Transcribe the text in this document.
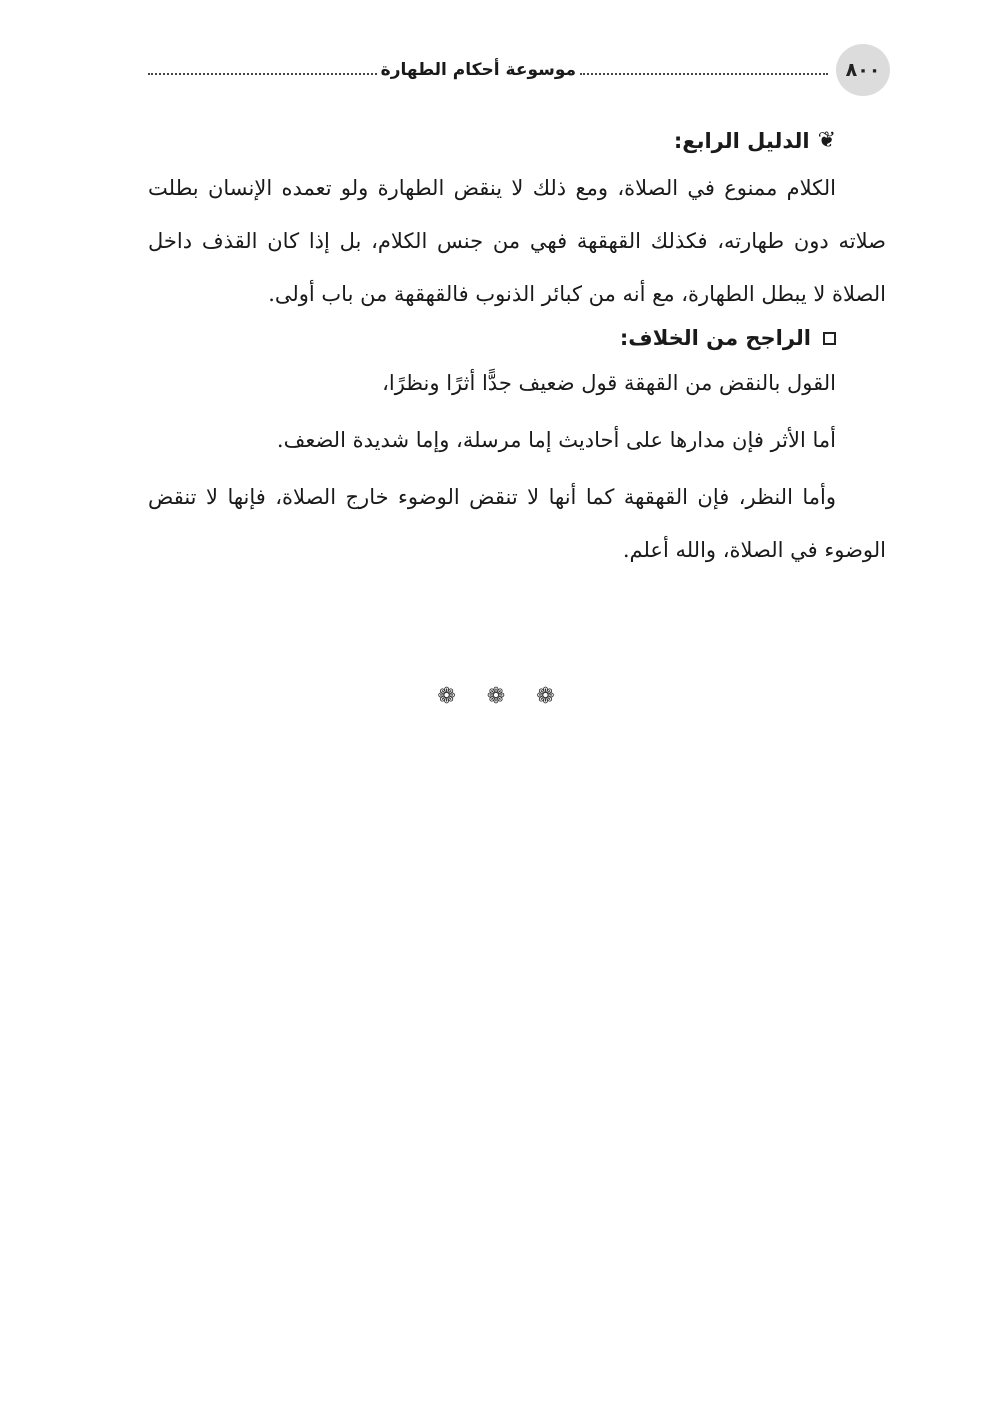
٨٠٠
موسوعة أحكام الطهارة
❦
الدليل الرابع:

الكلام ممنوع في الصلاة، ومع ذلك لا ينقض الطهارة ولو تعمده الإنسان بطلت صلاته دون طهارته، فكذلك القهقهة فهي من جنس الكلام، بل إذا كان القذف داخل الصلاة لا يبطل الطهارة، مع أنه من كبائر الذنوب فالقهقهة من باب أولى.

الراجح من الخلاف:

القول بالنقض من القهقة قول ضعيف جدًّا أثرًا ونظرًا،

أما الأثر فإن مدارها على أحاديث إما مرسلة، وإما شديدة الضعف.

وأما النظر، فإن القهقهة كما أنها لا تنقض الوضوء خارج الصلاة، فإنها لا تنقض الوضوء في الصلاة، والله أعلم.

❁ ❁ ❁
